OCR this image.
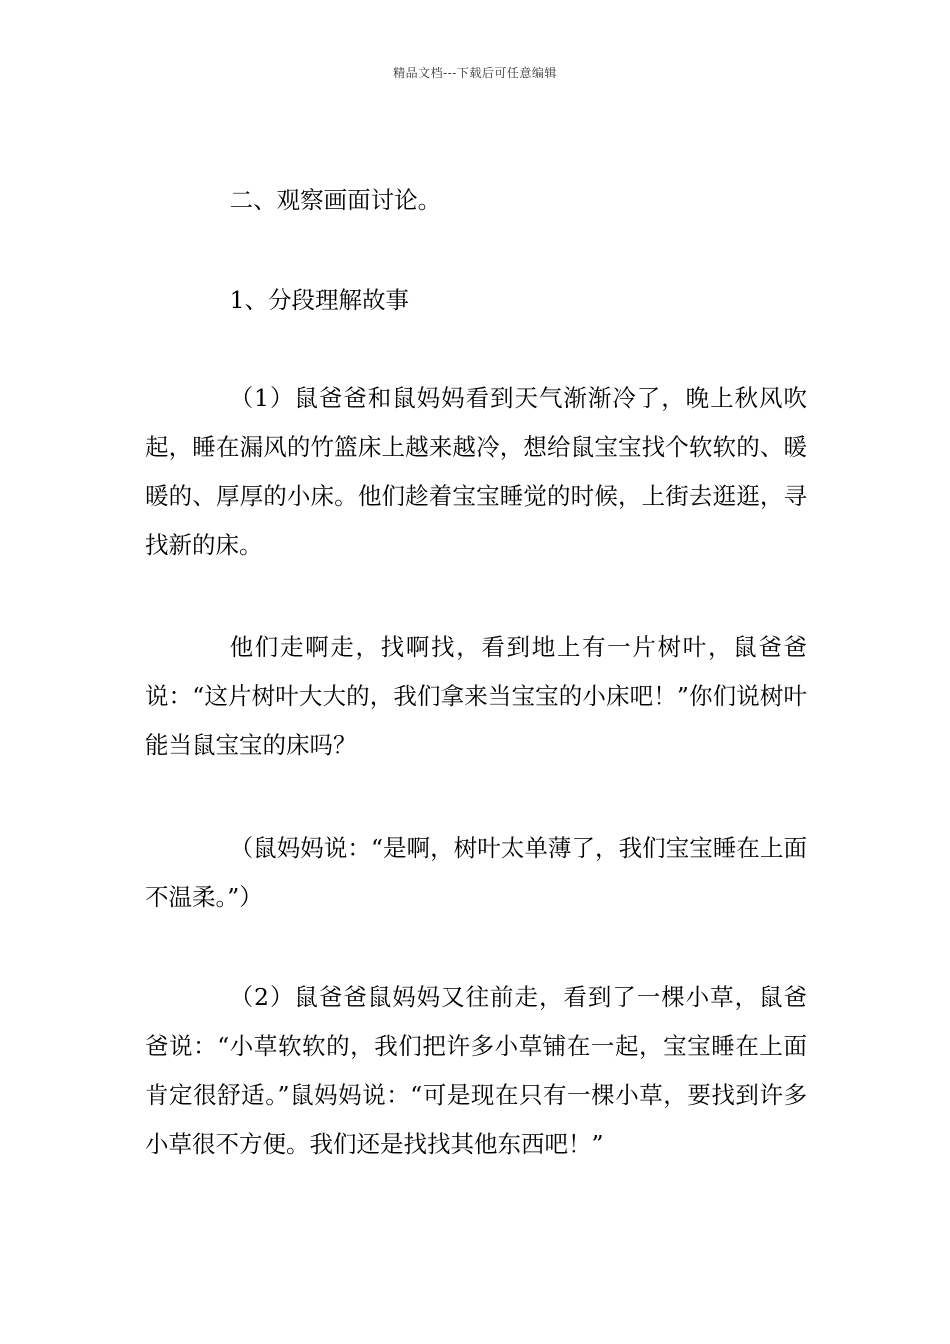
精品文档---下载后可任意编辑

二、观察画面讨论。

1、分段理解故事

（1）鼠爸爸和鼠妈妈看到天气渐渐冷了，晚上秋风吹起，睡在漏风的竹篮床上越来越冷，想给鼠宝宝找个软软的、暖暖的、厚厚的小床。他们趁着宝宝睡觉的时候，上街去逛逛，寻找新的床。

他们走啊走，找啊找，看到地上有一片树叶，鼠爸爸说：“这片树叶大大的，我们拿来当宝宝的小床吧！”你们说树叶能当鼠宝宝的床吗？

（鼠妈妈说：“是啊，树叶太单薄了，我们宝宝睡在上面不温柔。”）

（2）鼠爸爸鼠妈妈又往前走，看到了一棵小草，鼠爸爸说：“小草软软的，我们把许多小草铺在一起，宝宝睡在上面肯定很舒适。”鼠妈妈说：“可是现在只有一棵小草，要找到许多小草很不方便。我们还是找找其他东西吧！”
